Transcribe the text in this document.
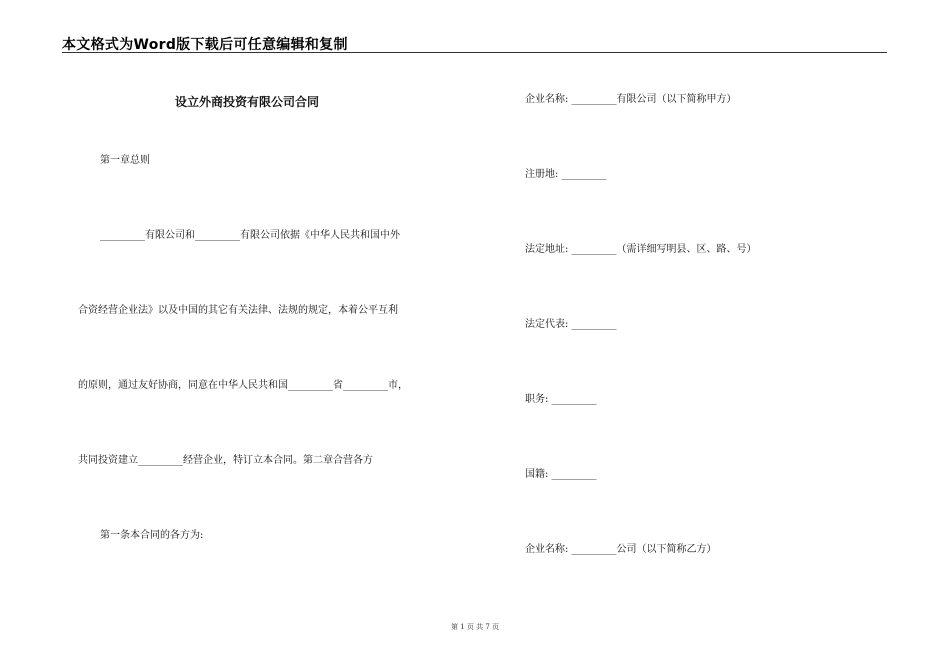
本文格式为Word版下载后可任意编辑和复制
设立外商投资有限公司合同
第一章总则
_________有限公司和_________有限公司依据《中华人民共和国中外
合资经营企业法》以及中国的其它有关法律、法规的规定，本着公平互利
的原则，通过友好协商，同意在中华人民共和国_________省_________市，
共同投资建立_________经营企业，特订立本合同。第二章合营各方
第一条本合同的各方为:
企业名称: _________有限公司（以下简称甲方）
注册地: _________
法定地址: _________（需详细写明县、区、路、号）
法定代表: _________
职务: _________
国籍: _________
企业名称: _________公司（以下简称乙方）
第 1 页 共 7 页
